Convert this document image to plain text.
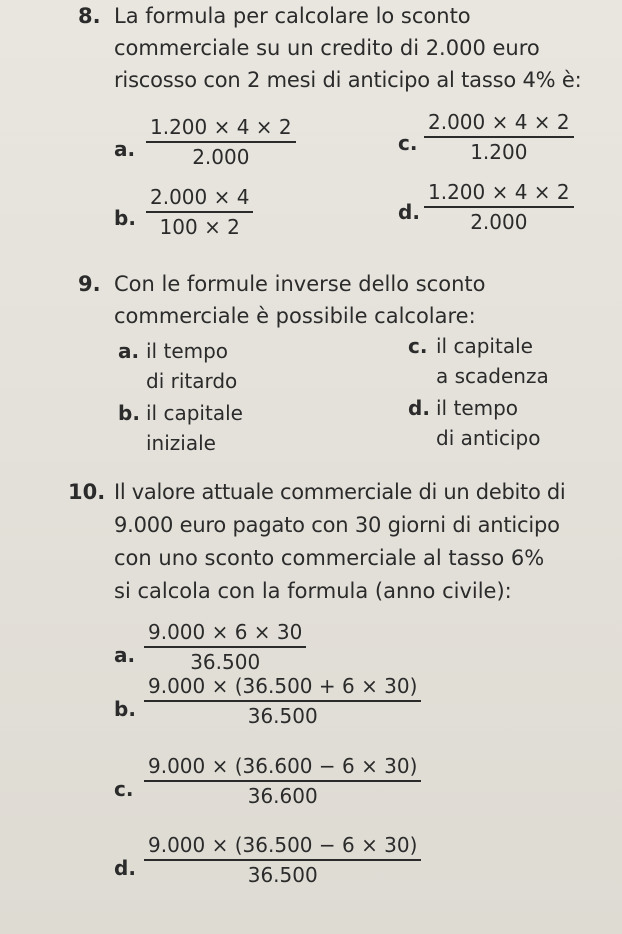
8. La formula per calcolare lo sconto
commerciale su un credito di 2.000 euro
riscosso con 2 mesi di anticipo al tasso 4% è:
a. $\frac{1.200 \times 4 \times 2}{2.000}$	c. $\frac{2.000 \times 4 \times 2}{1.200}$
b. $\frac{2.000 \times 4}{100 \times 2}$	d. $\frac{1.200 \times 4 \times 2}{2.000}$
9. Con le formule inverse dello sconto
commerciale è possibile calcolare:
a. il tempo
di ritardo
b. il capitale
iniziale
c. il capitale
a scadenza
d. il tempo
di anticipo
10. Il valore attuale commerciale di un debito di
9.000 euro pagato con 30 giorni di anticipo
con uno sconto commerciale al tasso 6%
si calcola con la formula (anno civile):
a. $\frac{9.000 \times 6 \times 30}{36.500}$
b. $\frac{9.000 \times (36.500 + 6 \times 30)}{36.500}$
c. $\frac{9.000 \times (36.600 - 6 \times 30)}{36.600}$
d. $\frac{9.000 \times (36.500 - 6 \times 30)}{36.500}$
